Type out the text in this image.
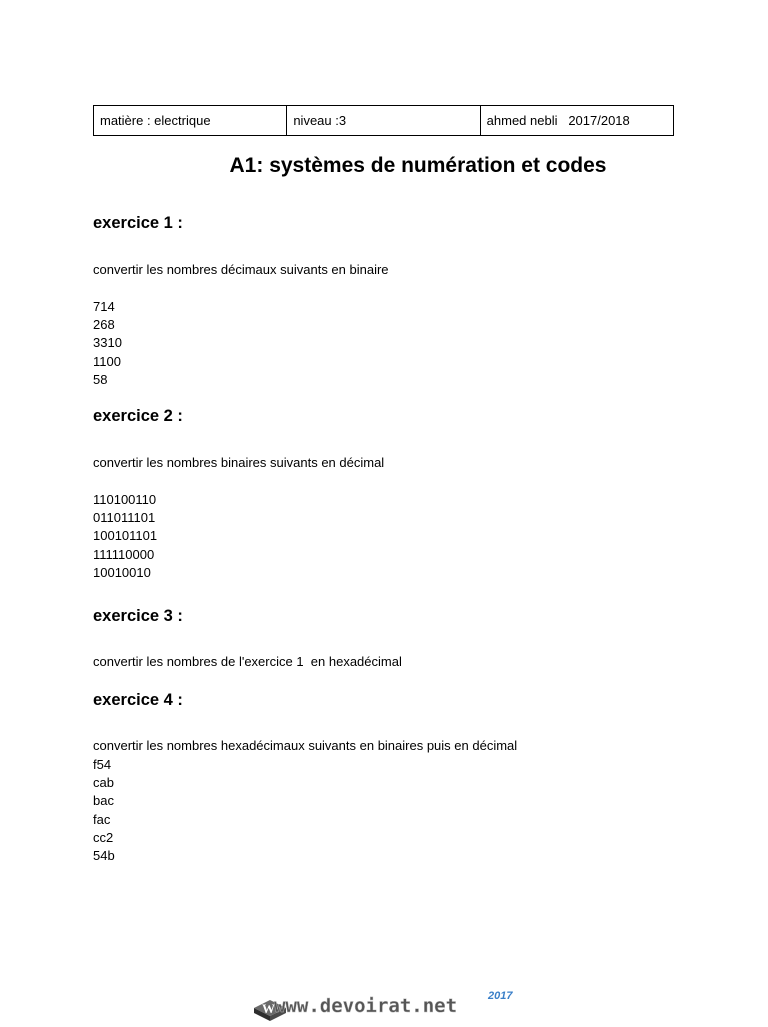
matière : electrique	niveau :3	ahmed nebli   2017/2018
A1: systèmes de numération et codes
exercice 1 :
convertir les nombres décimaux suivants en binaire
714
268
3310
1100
58
exercice 2 :
convertir les nombres binaires suivants en décimal
110100110
011011101
100101101
111110000
10010010
exercice 3 :
convertir les nombres de l'exercice 1  en hexadécimal
exercice 4 :
convertir les nombres hexadécimaux suivants en binaires puis en décimal
f54
cab
bac
fac
cc2
54b
W www.devoirat.net	2017
